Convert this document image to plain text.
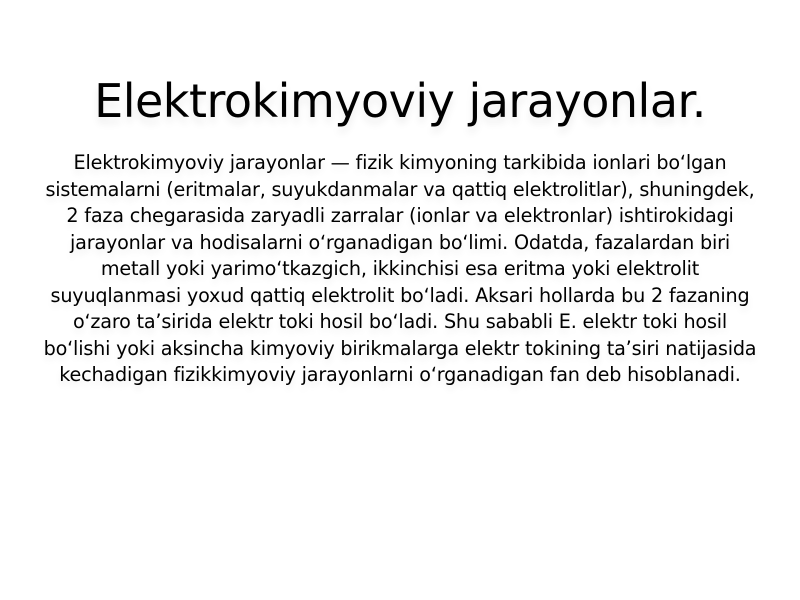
Elektrokimyoviy jarayonlar.

Elektrokimyoviy jarayonlar — fizik kimyoning tarkibida ionlari boʻlgan sistemalarni (eritmalar, suyukdanmalar va qattiq elektrolitlar), shuningdek, 2 faza chegarasida zaryadli zarralar (ionlar va elektronlar) ishtirokidagi jarayonlar va hodisalarni oʻrganadigan boʻlimi. Odatda, fazalardan biri metall yoki yarimoʻtkazgich, ikkinchisi esa eritma yoki elektrolit suyuqlanmasi yoxud qattiq elektrolit boʻladi. Aksari hollarda bu 2 fazaning oʻzaro taʼsirida elektr toki hosil boʻladi. Shu sababli E. elektr toki hosil boʻlishi yoki aksincha kimyoviy birikmalarga elektr tokining taʼsiri natijasida kechadigan fizikkimyoviy jarayonlarni oʻrganadigan fan deb hisoblanadi.
